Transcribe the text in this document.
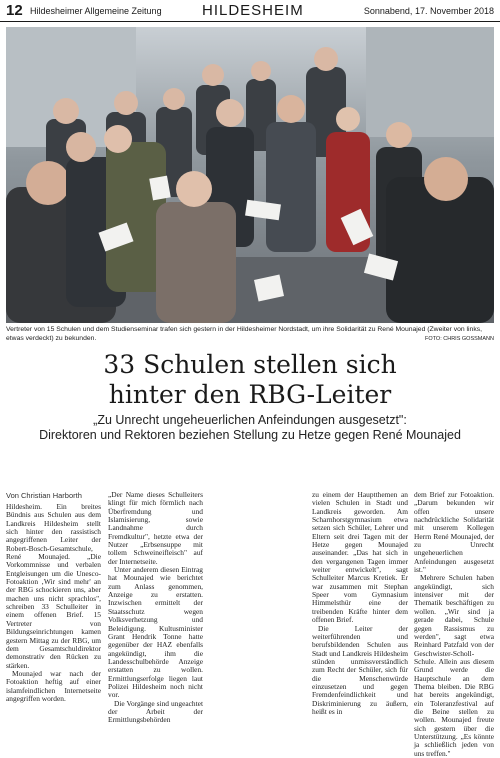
12 Hildesheimer Allgemeine Zeitung	HILDESHEIM	Sonnabend, 17. November 2018
Vertreter von 15 Schulen und dem Studienseminar trafen sich gestern in der Hildesheimer Nordstadt, um ihre Solidarität zu René Mounajed (Zweiter von links, etwas verdeckt) zu bekunden.	FOTO: CHRIS GOSSMANN
33 Schulen stellen sich
hinter den RBG-Leiter
„Zu Unrecht ungeheuerlichen Anfeindungen ausgesetzt":
Direktoren und Rektoren beziehen Stellung zu Hetze gegen René Mounajed
Von Christian Harborth

Hildesheim. Ein breites Bündnis aus Schulen aus dem Landkreis Hildesheim stellt sich hinter den rassistisch angegriffenen Leiter der Robert-Bosch-Gesamtschule, René Mounajed. „Die Vorkommnisse und verbalen Entgleisungen um die Unesco-Fotoaktion ‚Wir sind mehr' an der RBG schockieren uns, aber machen uns nicht sprachlos", schreiben 33 Schulleiter in einem offenen Brief. 15 Vertreter von Bildungseinrichtungen kamen gestern Mittag zu der RBG, um dem Gesamtschuldirektor demonstrativ den Rücken zu stärken.

Mounajed war nach der Fotoaktion heftig auf einer islamfeindlichen Internetseite angegriffen worden.

„Der Name dieses Schulleiters klingt für mich förmlich nach Überfremdung und Islamisierung, sowie Landnahme durch Fremdkultur", hetzte etwa der Nutzer „Erbsensuppe mit tollem Schweineifleisch" auf der Internetseite.

Unter anderem diesen Eintrag hat Mounajed wie berichtet zum Anlass genommen, Anzeige zu erstatten. Inzwischen ermittelt der Staatsschutz wegen Volksverhetzung und Beleidigung. Kultusminister Grant Hendrik Tonne hatte gegenüber der HAZ ebenfalls angekündigt, ihm die Landesschulbehörde Anzeige erstatten zu wollen. Ermittlungserfolge liegen laut Polizei Hildesheim noch nicht vor.

Die Vorgänge sind ungeachtet der Arbeit der Ermittlungsbehörden

zu einem der Hauptthemen an vielen Schulen in Stadt und Landkreis geworden. Am Scharnhorstgymnasium etwa setzen sich Schüler, Lehrer und Eltern seit drei Tagen mit der Hetze gegen Mounajed auseinander. „Das hat sich in den vergangenen Tagen immer weiter entwickelt", sagt Schulleiter Marcus Kretiek. Er war zusammen mit Stephan Speer vom Gymnasium Himmelsthür eine der treibenden Kräfte hinter dem offenen Brief.

Die Leiter der weiterführenden und berufsbildenden Schulen aus Stadt und Landkreis Hildesheim stünden unmissverständlich zum Recht der Schüler, sich für die Menschenwürde einzusetzen und gegen Fremdenfeindlichkeit und Diskriminierung zu äußern, heißt es in

dem Brief zur Fotoaktion. „Darum bekunden wir offen unsere nachdrückliche Solidarität mit unserem Kollegen Herrn René Mounajed, der zu Unrecht ungeheuerlichen Anfeindungen ausgesetzt ist."

Mehrere Schulen haben angekündigt, sich intensiver mit der Thematik beschäftigen zu wollen. „Wir sind ja gerade dabei, Schule gegen Rassismus zu werden", sagt etwa Reinhard Patzfald von der Geschwister-Scholl-Schule. Allein aus diesem Grund werde die Hauptschule an dem Thema bleiben. Die RBG hat bereits angekündigt, ein Toleranzfestival auf die Beine stellen zu wollen. Mounajed freute sich gestern über die Unterstützung. „Es könnte ja schließlich jeden von uns treffen."
